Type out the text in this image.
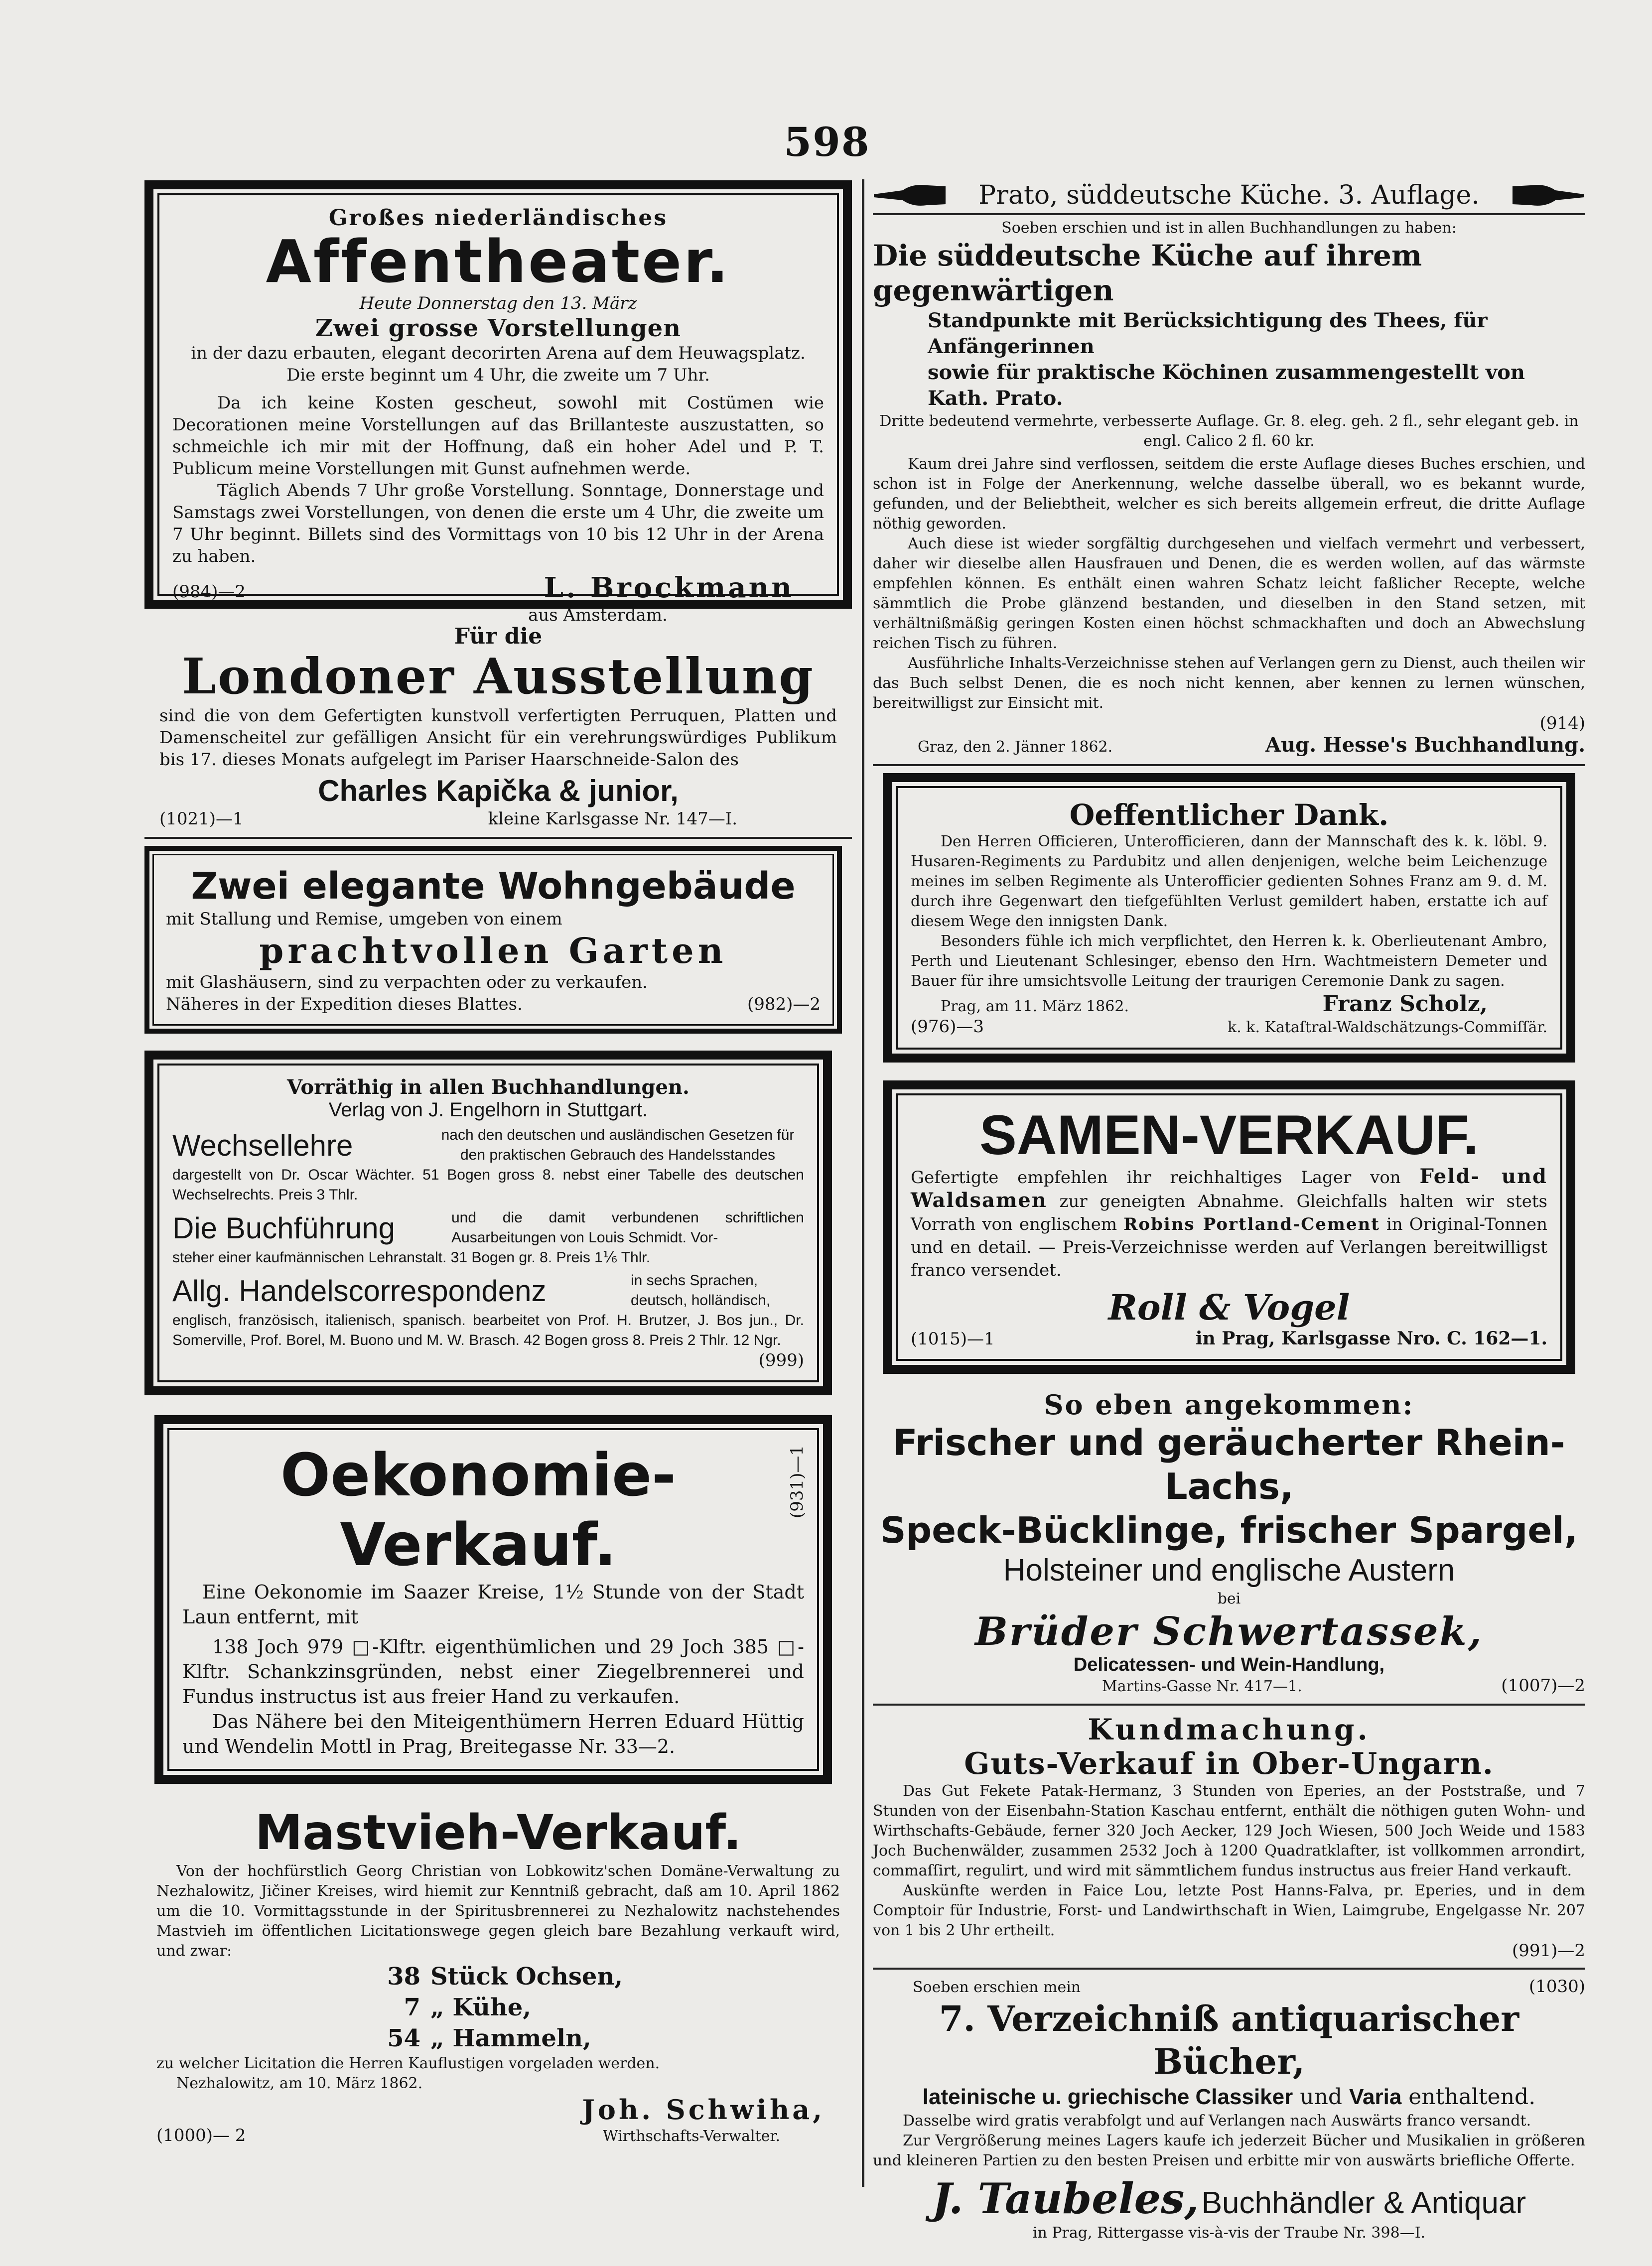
598
Großes niederländisches
Affentheater.
Heute Donnerstag den 13. März
Zwei grosse Vorstellungen
in der dazu erbauten, elegant decorirten Arena auf dem Heuwagsplatz.
Die erste beginnt um 4 Uhr, die zweite um 7 Uhr.
Da ich keine Kosten gescheut, sowohl mit Costümen wie Decorationen meine Vorstellungen auf das Brillanteste auszustatten, so schmeichle ich mir mit der Hoffnung, daß ein hoher Adel und P. T. Publicum meine Vorstellungen mit Gunst aufnehmen werde.
Täglich Abends 7 Uhr große Vorstellung. Sonntage, Donnerstage und Samstags zwei Vorstellungen, von denen die erste um 4 Uhr, die zweite um 7 Uhr beginnt. Billets sind des Vormittags von 10 bis 12 Uhr in der Arena zu haben.
(984)—2	L. Brockmann
aus Amsterdam.
Für die
Londoner Ausstellung
sind die von dem Gefertigten kunstvoll verfertigten Perruquen, Platten und Damenscheitel zur gefälligen Ansicht für ein verehrungswürdiges Publikum bis 17. dieses Monats aufgelegt im Pariser Haarschneide-Salon des
Charles Kapička & junior,
(1021)—1	kleine Karlsgasse Nr. 147—I.
Zwei elegante Wohngebäude
mit Stallung und Remise, umgeben von einem
prachtvollen Garten
mit Glashäusern, sind zu verpachten oder zu verkaufen.
Näheres in der Expedition dieses Blattes.	(982)—2
Vorräthig in allen Buchhandlungen.
Verlag von J. Engelhorn in Stuttgart.
Wechsellehre	nach den deutschen und ausländischen Gesetzen für den praktischen Gebrauch des Handelsstandes
dargestellt von Dr. Oscar Wächter. 51 Bogen gross 8. nebst einer Tabelle des deutschen Wechselrechts. Preis 3 Thlr.
Die Buchführung	und die damit verbundenen schriftlichen Ausarbeitungen von Louis Schmidt. Vor-
steher einer kaufmännischen Lehranstalt. 31 Bogen gr. 8. Preis 1⅙ Thlr.
Allg. Handelscorrespondenz	in sechs Sprachen, deutsch, holländisch,
englisch, französisch, italienisch, spanisch. bearbeitet von Prof. H. Brutzer, J. Bos jun., Dr. Somerville, Prof. Borel, M. Buono und M. W. Brasch. 42 Bogen gross 8. Preis 2 Thlr. 12 Ngr.
(999)
Oekonomie-Verkauf.
(931)—1
Eine Oekonomie im Saazer Kreise, 1½ Stunde von der Stadt Laun entfernt, mit
138 Joch 979 □-Klftr. eigenthümlichen und 29 Joch 385 □-Klftr. Schankzinsgründen, nebst einer Ziegelbrennerei und Fundus instructus ist aus freier Hand zu verkaufen.
Das Nähere bei den Miteigenthümern Herren Eduard Hüttig und Wendelin Mottl in Prag, Breitegasse Nr. 33—2.
Mastvieh-Verkauf.
Von der hochfürstlich Georg Christian von Lobkowitz'schen Domäne-Verwaltung zu Nezhalowitz, Jičiner Kreises, wird hiemit zur Kenntniß gebracht, daß am 10. April 1862 um die 10. Vormittagsstunde in der Spiritusbrennerei zu Nezhalowitz nachstehendes Mastvieh im öffentlichen Licitationswege gegen gleich bare Bezahlung verkauft wird, und zwar:
38 Stück Ochsen,
7 „ Kühe,
54 „ Hammeln,
zu welcher Licitation die Herren Kauflustigen vorgeladen werden.
Nezhalowitz, am 10. März 1862.
Joh. Schwiha,
(1000)— 2	Wirthschafts-Verwalter.
Prato, süddeutsche Küche. 3. Auflage.
Soeben erschien und ist in allen Buchhandlungen zu haben:
Die süddeutsche Küche auf ihrem gegenwärtigen
Standpunkte mit Berücksichtigung des Thees, für Anfängerinnen
sowie für praktische Köchinen zusammengestellt von Kath. Prato.
Dritte bedeutend vermehrte, verbesserte Auflage. Gr. 8. eleg. geh. 2 fl., sehr elegant geb. in engl. Calico 2 fl. 60 kr.
Kaum drei Jahre sind verflossen, seitdem die erste Auflage dieses Buches erschien, und schon ist in Folge der Anerkennung, welche dasselbe überall, wo es bekannt wurde, gefunden, und der Beliebtheit, welcher es sich bereits allgemein erfreut, die dritte Auflage nöthig geworden.
Auch diese ist wieder sorgfältig durchgesehen und vielfach vermehrt und verbessert, daher wir dieselbe allen Hausfrauen und Denen, die es werden wollen, auf das wärmste empfehlen können. Es enthält einen wahren Schatz leicht faßlicher Recepte, welche sämmtlich die Probe glänzend bestanden, und dieselben in den Stand setzen, mit verhältnißmäßig geringen Kosten einen höchst schmackhaften und doch an Abwechslung reichen Tisch zu führen.
Ausführliche Inhalts-Verzeichnisse stehen auf Verlangen gern zu Dienst, auch theilen wir das Buch selbst Denen, die es noch nicht kennen, aber kennen zu lernen wünschen, bereitwilligst zur Einsicht mit.
(914)
Graz, den 2. Jänner 1862.	Aug. Hesse's Buchhandlung.
Oeffentlicher Dank.
Den Herren Officieren, Unterofficieren, dann der Mannschaft des k. k. löbl. 9. Husaren-Regiments zu Pardubitz und allen denjenigen, welche beim Leichenzuge meines im selben Regimente als Unterofficier gedienten Sohnes Franz am 9. d. M. durch ihre Gegenwart den tiefgefühlten Verlust gemildert haben, erstatte ich auf diesem Wege den innigsten Dank.
Besonders fühle ich mich verpflichtet, den Herren k. k. Oberlieutenant Ambro, Perth und Lieutenant Schlesinger, ebenso den Hrn. Wachtmeistern Demeter und Bauer für ihre umsichtsvolle Leitung der traurigen Ceremonie Dank zu sagen.
Prag, am 11. März 1862.	Franz Scholz,
(976)—3	k. k. Kataſtral-Waldschätzungs-Commiſſär.
SAMEN-VERKAUF.
Gefertigte empfehlen ihr reichhaltiges Lager von Feld- und Waldsamen zur geneigten Abnahme. Gleichfalls halten wir stets Vorrath von englischem Robins Portland-Cement in Original-Tonnen und en detail. — Preis-Verzeichnisse werden auf Verlangen bereitwilligst franco versendet.
Roll & Vogel
(1015)—1	in Prag, Karlsgasse Nro. C. 162—1.
So eben angekommen:
Frischer und geräucherter Rhein-Lachs,
Speck-Bücklinge, frischer Spargel,
Holsteiner und englische Austern
bei
Brüder Schwertassek,
Delicatessen- und Wein-Handlung,
Martins-Gasse Nr. 417—1.	(1007)—2
Kundmachung.
Guts-Verkauf in Ober-Ungarn.
Das Gut Fekete Patak-Hermanz, 3 Stunden von Eperies, an der Poststraße, und 7 Stunden von der Eisenbahn-Station Kaschau entfernt, enthält die nöthigen guten Wohn- und Wirthschafts-Gebäude, ferner 320 Joch Aecker, 129 Joch Wiesen, 500 Joch Weide und 1583 Joch Buchenwälder, zusammen 2532 Joch à 1200 Quadratklafter, ist vollkommen arrondirt, commaſſirt, regulirt, und wird mit sämmtlichem fundus instructus aus freier Hand verkauft.
Auskünfte werden in Faice Lou, letzte Post Hanns-Falva, pr. Eperies, und in dem Comptoir für Industrie, Forst- und Landwirthschaft in Wien, Laimgrube, Engelgasse Nr. 207 von 1 bis 2 Uhr ertheilt.
(991)—2
Soeben erschien mein	(1030)
7. Verzeichniß antiquarischer Bücher,
lateinische u. griechische Classiker und Varia enthaltend.
Dasselbe wird gratis verabfolgt und auf Verlangen nach Auswärts franco versandt.
Zur Vergrößerung meines Lagers kaufe ich jederzeit Bücher und Musikalien in größeren und kleineren Partien zu den besten Preisen und erbitte mir von auswärts briefliche Offerte.
J. Taubeles, Buchhändler & Antiquar
in Prag, Rittergasse vis-à-vis der Traube Nr. 398—I.
